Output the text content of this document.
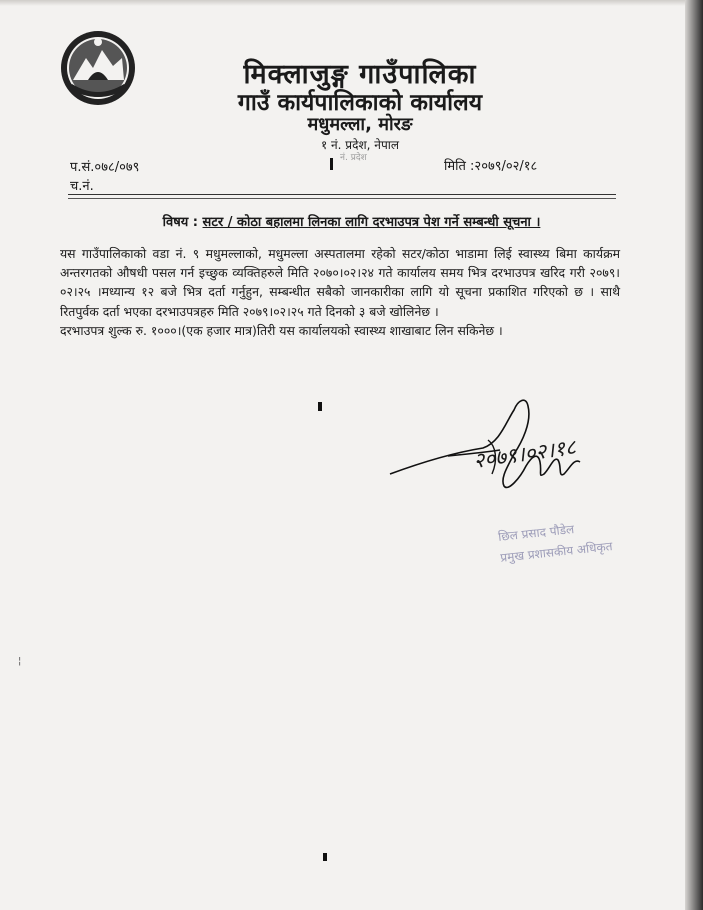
मिक्लाजुङ्ग गाउँपालिका
गाउँ कार्यपालिकाको कार्यालय
मधुमल्ला, मोरङ
१ नं. प्रदेश, नेपाल
नं. प्रदेश
प.सं.०७८/०७९
च.नं.
मिति :२०७९/०२/१८
विषय : सटर / कोठा बहालमा लिनका लागि दरभाउपत्र पेश गर्ने सम्बन्धी सूचना ।

यस गाउँपालिकाको वडा नं. ९ मधुमल्लाको, मधुमल्ला अस्पतालमा रहेको सटर/कोठा भाडामा लिई स्वास्थ्य बिमा कार्यक्रम अन्तरगतको औषधी पसल गर्न इच्छुक व्यक्तिहरुले मिति २०७०।०२।२४ गते कार्यालय समय भित्र दरभाउपत्र खरिद गरी २०७९।०२।२५ ।मध्यान्य १२ बजे भित्र दर्ता गर्नुहुन, सम्बन्धीत सबैको जानकारीका लागि यो सूचना प्रकाशित गरिएको छ । साथै रितपुर्वक दर्ता भएका दरभाउपत्रहरु मिति २०७९।०२।२५ गते दिनको ३ बजे खोलिनेछ ।

दरभाउपत्र शुल्क रु. १०००।(एक हजार मात्र)तिरी यस कार्यालयको स्वास्थ्य शाखाबाट लिन सकिनेछ ।

¦
२०७९।०२।१८
छिल प्रसाद पौडेल
प्रमुख प्रशासकीय अधिकृत
